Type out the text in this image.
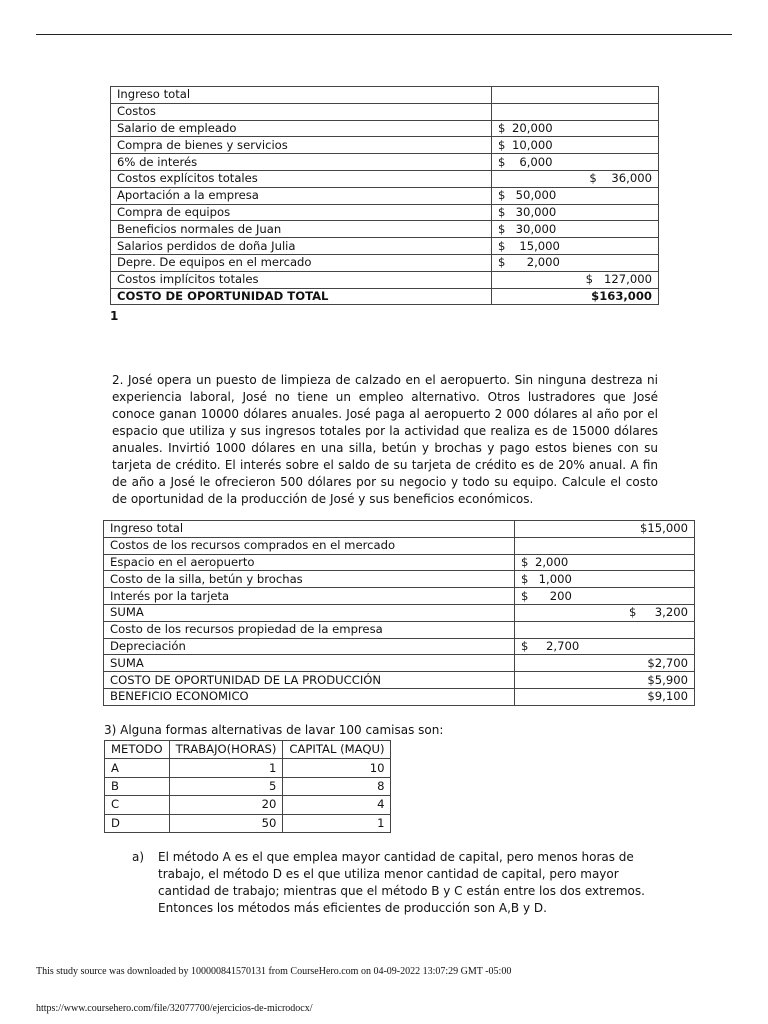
Ingreso total	

Costos	

Salario de empleado	$ 20,000
Compra de bienes y servicios	$ 10,000
6% de interés	$ 6,000
Costos explícitos totales	$    36,000
Aportación a la empresa	$ 50,000
Compra de equipos	$ 30,000
Beneficios normales de Juan	$ 30,000
Salarios perdidos de doña Julia	$ 15,000
Depre. De equipos en el mercado	$ 2,000
Costos implícitos totales	$   127,000
COSTO DE OPORTUNIDAD TOTAL	$163,000
1
2. José opera un puesto de limpieza de calzado en el aeropuerto. Sin ninguna destreza ni experiencia laboral, José no tiene un empleo alternativo. Otros lustradores que José conoce ganan 10000 dólares anuales. José paga al aeropuerto 2 000 dólares al año por el espacio que utiliza y sus ingresos totales por la actividad que realiza es de 15000 dólares anuales. Invirtió 1000 dólares en una silla, betún y brochas y pago estos bienes con su tarjeta de crédito. El interés sobre el saldo de su tarjeta de crédito es de 20% anual. A fin de año a José le ofrecieron 500 dólares por su negocio y todo su equipo. Calcule el costo de oportunidad de la producción de José y sus beneficios económicos.
Ingreso total	$15,000
Costos de los recursos comprados en el mercado	

Espacio en el aeropuerto	$ 2,000
Costo de la silla, betún y brochas	$ 1,000
Interés por la tarjeta	$ 200
SUMA	$     3,200
Costo de los recursos propiedad de la empresa	

Depreciación	$ 2,700
SUMA	$2,700
COSTO DE OPORTUNIDAD DE LA PRODUCCIÓN	$5,900
BENEFICIO ECONOMICO	$9,100
3) Alguna formas alternativas de lavar 100 camisas son:
METODO	TRABAJO(HORAS)	CAPITAL (MAQU)
A	1	10
B	5	8
C	20	4
D	50	1
a) El método A es el que emplea mayor cantidad de capital, pero menos horas de trabajo, el método D es el que utiliza menor cantidad de capital, pero mayor cantidad de trabajo; mientras que el método B y C están entre los dos extremos. Entonces los métodos más eficientes de producción son A,B y D.
This study source was downloaded by 100000841570131 from CourseHero.com on 04-09-2022 13:07:29 GMT -05:00
https://www.coursehero.com/file/32077700/ejercicios-de-microdocx/
